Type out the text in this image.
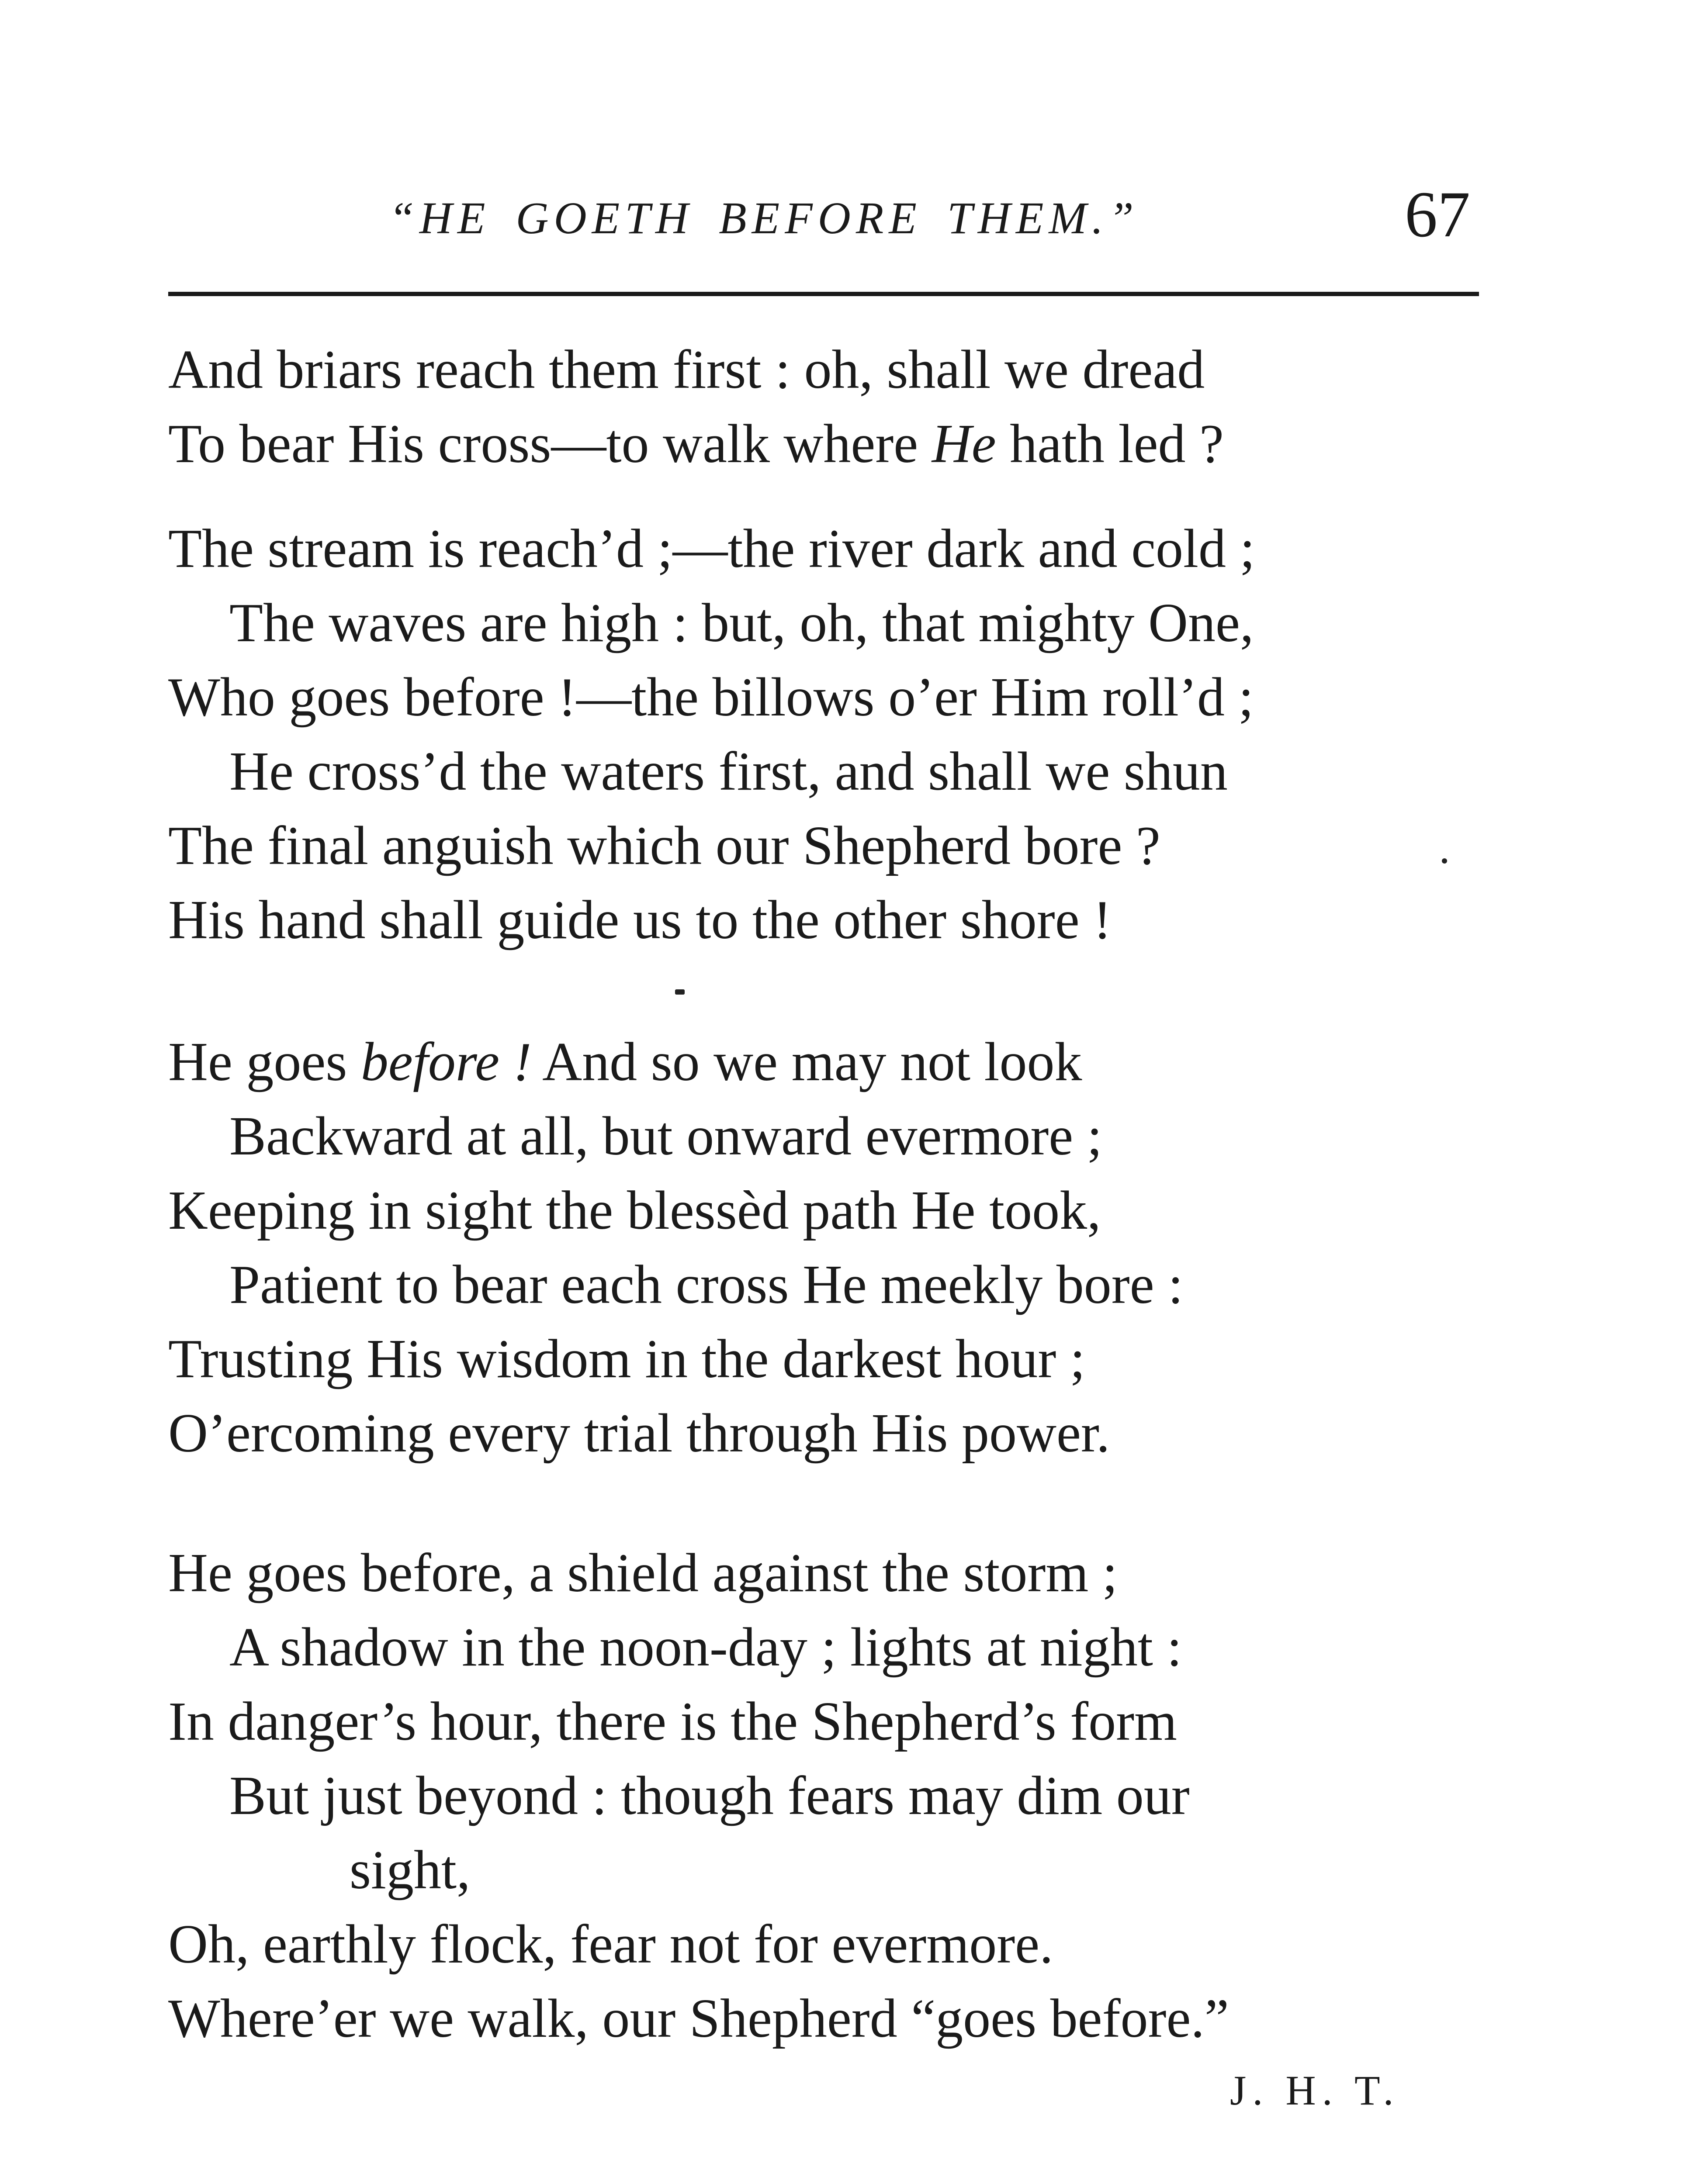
“HE GOETH BEFORE THEM.”	67
And briars reach them first : oh, shall we dread
To bear His cross—to walk where He hath led ?
The stream is reach’d ;—the river dark and cold ;
The waves are high : but, oh, that mighty One,
Who goes before !—the billows o’er Him roll’d ;
He cross’d the waters first, and shall we shun
The final anguish which our Shepherd bore ?
His hand shall guide us to the other shore !
He goes before ! And so we may not look
Backward at all, but onward evermore ;
Keeping in sight the blessèd path He took,
Patient to bear each cross He meekly bore :
Trusting His wisdom in the darkest hour ;
O’ercoming every trial through His power.
He goes before, a shield against the storm ;
A shadow in the noon-day ; lights at night :
In danger’s hour, there is the Shepherd’s form
But just beyond : though fears may dim our
sight,
Oh, earthly flock, fear not for evermore.
Where’er we walk, our Shepherd “goes before.”
J. H. T.
